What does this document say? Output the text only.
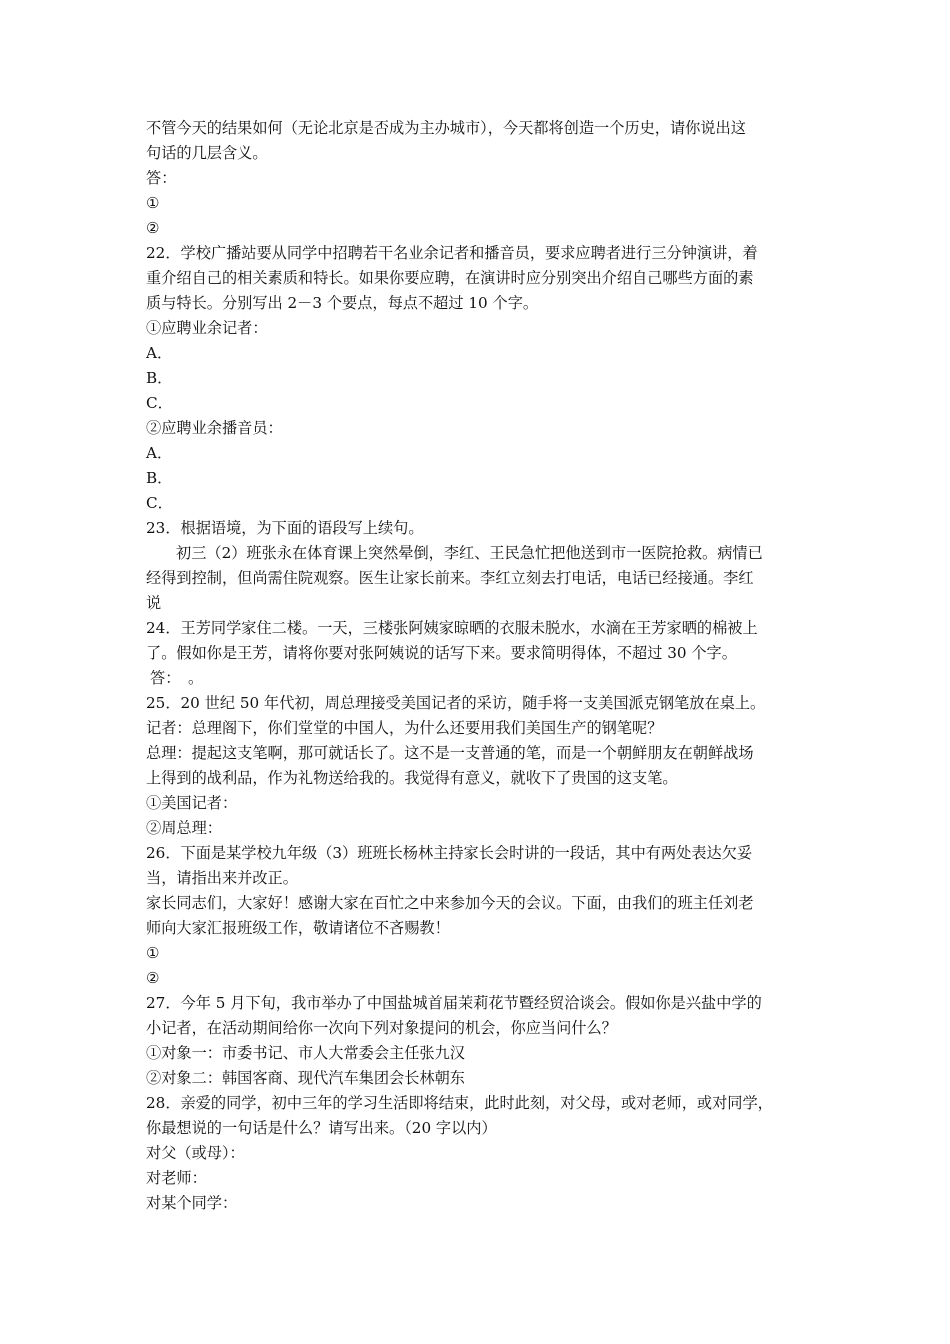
不管今天的结果如何（无论北京是否成为主办城市），今天都将创造一个历史，请你说出这
句话的几层含义。
答：
①
②
22．学校广播站要从同学中招聘若干名业余记者和播音员，要求应聘者进行三分钟演讲，着
重介绍自己的相关素质和特长。如果你要应聘，在演讲时应分别突出介绍自己哪些方面的素
质与特长。分别写出 2－3 个要点，每点不超过 10 个字。
①应聘业余记者：
A．
B．
C．
②应聘业余播音员：
A．
B．
C．
23．根据语境，为下面的语段写上续句。
初三（2）班张永在体育课上突然晕倒，李红、王民急忙把他送到市一医院抢救。病情已
经得到控制，但尚需住院观察。医生让家长前来。李红立刻去打电话，电话已经接通。李红
说
24．王芳同学家住二楼。一天，三楼张阿姨家晾晒的衣服未脱水，水滴在王芳家晒的棉被上
了。假如你是王芳，请将你要对张阿姨说的话写下来。要求简明得体，不超过 30 个字。
答：　。
25．20 世纪 50 年代初，周总理接受美国记者的采访，随手将一支美国派克钢笔放在桌上。
记者：总理阁下，你们堂堂的中国人，为什么还要用我们美国生产的钢笔呢？
总理：提起这支笔啊，那可就话长了。这不是一支普通的笔，而是一个朝鲜朋友在朝鲜战场
上得到的战利品，作为礼物送给我的。我觉得有意义，就收下了贵国的这支笔。
①美国记者：
②周总理：
26．下面是某学校九年级（3）班班长杨林主持家长会时讲的一段话，其中有两处表达欠妥
当，请指出来并改正。
家长同志们，大家好！感谢大家在百忙之中来参加今天的会议。下面，由我们的班主任刘老
师向大家汇报班级工作，敬请诸位不吝赐教！
①
②
27．今年 5 月下旬，我市举办了中国盐城首届茉莉花节暨经贸洽谈会。假如你是兴盐中学的
小记者，在活动期间给你一次向下列对象提问的机会，你应当问什么？
①对象一：市委书记、市人大常委会主任张九汉
②对象二：韩国客商、现代汽车集团会长林朝东
28．亲爱的同学，初中三年的学习生活即将结束，此时此刻，对父母，或对老师，或对同学，
你最想说的一句话是什么？请写出来。（20 字以内）
对父（或母）：
对老师：
对某个同学：
